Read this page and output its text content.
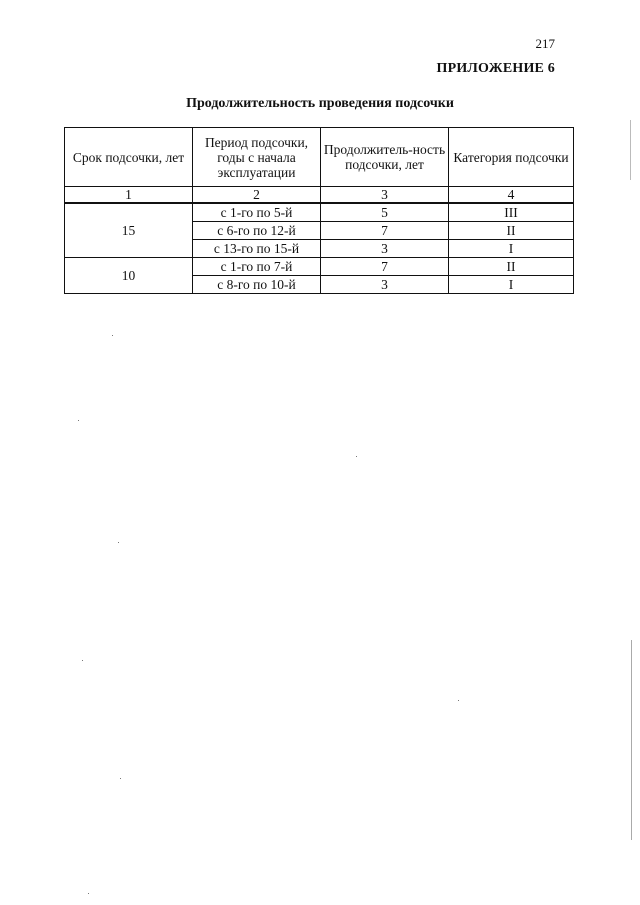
217
ПРИЛОЖЕНИЕ 6
Продолжительность проведения подсочки
Срок подсочки, лет	Период подсочки, годы с начала эксплуатации	Продолжитель-ность подсочки, лет	Категория подсочки
1	2	3	4
15	с 1-го по 5-й	5	III
	с 6-го по 12-й	7	II
	с 13-го по 15-й	3	I
10	с 1-го по 7-й	7	II
	с 8-го по 10-й	3	I
